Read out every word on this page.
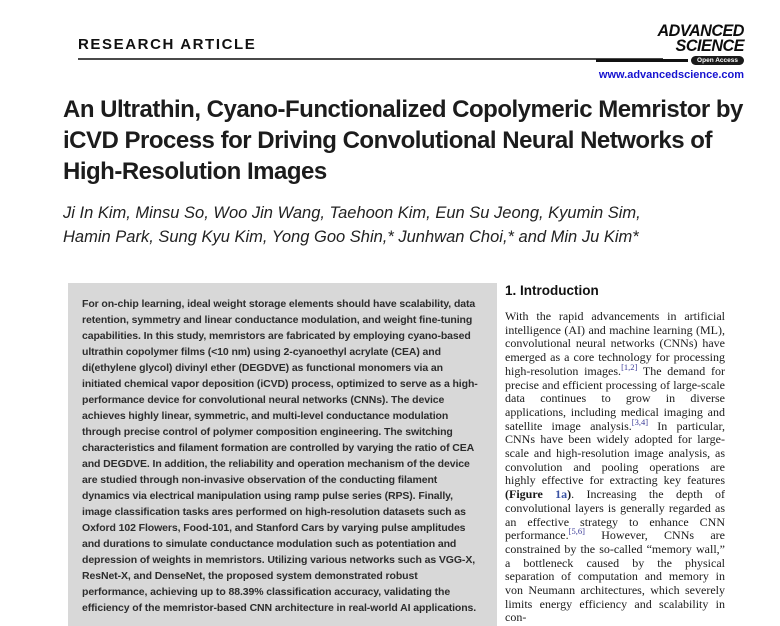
RESEARCH ARTICLE
ADVANCED
SCIENCE
Open Access
www.advancedscience.com
An Ultrathin, Cyano-Functionalized Copolymeric Memristor by iCVD Process for Driving Convolutional Neural Networks of High-Resolution Images
Ji In Kim, Minsu So, Woo Jin Wang, Taehoon Kim, Eun Su Jeong, Kyumin Sim, Hamin Park, Sung Kyu Kim, Yong Goo Shin,* Junhwan Choi,* and Min Ju Kim*
For on-chip learning, ideal weight storage elements should have scalability, data retention, symmetry and linear conductance modulation, and weight fine-tuning capabilities. In this study, memristors are fabricated by employing cyano-based ultrathin copolymer films (<10 nm) using 2-cyanoethyl acrylate (CEA) and di(ethylene glycol) divinyl ether (DEGDVE) as functional monomers via an initiated chemical vapor deposition (iCVD) process, optimized to serve as a high-performance device for convolutional neural networks (CNNs). The device achieves highly linear, symmetric, and multi-level conductance modulation through precise control of polymer composition engineering. The switching characteristics and filament formation are controlled by varying the ratio of CEA and DEGDVE. In addition, the reliability and operation mechanism of the device are studied through non-invasive observation of the conducting filament dynamics via electrical manipulation using ramp pulse series (RPS). Finally, image classification tasks ares performed on high-resolution datasets such as Oxford 102 Flowers, Food-101, and Stanford Cars by varying pulse amplitudes and durations to simulate conductance modulation such as potentiation and depression of weights in memristors. Utilizing various networks such as VGG-X, ResNet-X, and DenseNet, the proposed system demonstrated robust performance, achieving up to 88.39% classification accuracy, validating the efficiency of the memristor-based CNN architecture in real-world AI applications.
1. Introduction

With the rapid advancements in artificial intelligence (AI) and machine learning (ML), convolutional neural networks (CNNs) have emerged as a core technology for processing high-resolution images.[1,2] The demand for precise and efficient processing of large-scale data continues to grow in diverse applications, including medical imaging and satellite image analysis.[3,4] In particular, CNNs have been widely adopted for large-scale and high-resolution image analysis, as convolution and pooling operations are highly effective for extracting key features (Figure 1a). Increasing the depth of convolutional layers is generally regarded as an effective strategy to enhance CNN performance.[5,6] However, CNNs are constrained by the so-called “memory wall,” a bottleneck caused by the physical separation of computation and memory in von Neumann architectures, which severely limits energy efficiency and scalability in con-
